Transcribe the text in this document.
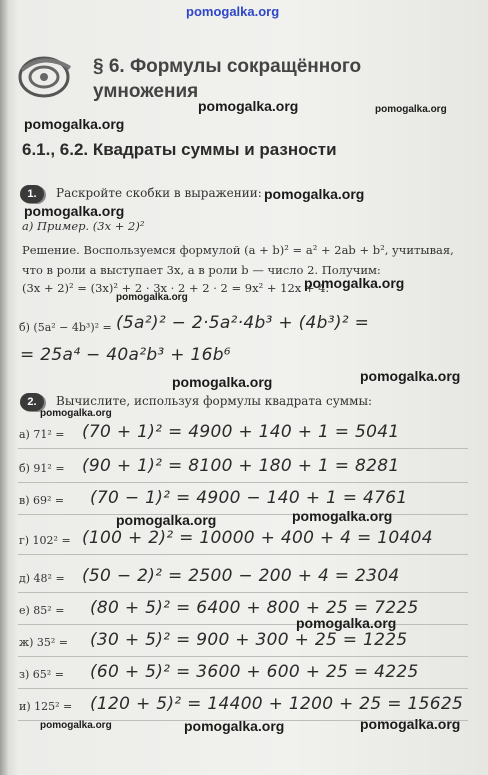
pomogalka.org
§ 6. Формулы сокращённого
умножения
pomogalka.org	pomogalka.org
pomogalka.org
6.1., 6.2. Квадраты суммы и разности
1.	Раскройте скобки в выражении: pomogalka.org
pomogalka.org
а) Пример. (3x + 2)²
Решение. Воспользуемся формулой (a + b)² = a² + 2ab + b², учитывая,
что в роли a выступает 3x, а в роли b — число 2. Получим:
(3x + 2)² = (3x)² + 2 · 3x · 2 + 2 · 2 = 9x² + 12x + 4.
pomogalka.org
pomogalka.org
б) (5a² − 4b³)² = (5a²)² − 2·5a²·4b³ + (4b³)² =
= 25a⁴ − 40a²b³ + 16b⁶
pomogalka.org	pomogalka.org
2.	Вычислите, используя формулы квадрата суммы:
pomogalka.org
а) 71² = (70 + 1)² = 4900 + 140 + 1 = 5041
б) 91² = (90 + 1)² = 8100 + 180 + 1 = 8281
в) 69² = (70 − 1)² = 4900 − 140 + 1 = 4761
г) 102² = (100 + 2)² = 10000 + 400 + 4 = 10404
д) 48² = (50 − 2)² = 2500 − 200 + 4 = 2304
е) 85² = (80 + 5)² = 6400 + 800 + 25 = 7225
ж) 35² = (30 + 5)² = 900 + 300 + 25 = 1225
з) 65² = (60 + 5)² = 3600 + 600 + 25 = 4225
и) 125² = (120 + 5)² = 14400 + 1200 + 25 = 15625
pomogalka.org	pomogalka.org
pomogalka.org
pomogalka.org	pomogalka.org	pomogalka.org
